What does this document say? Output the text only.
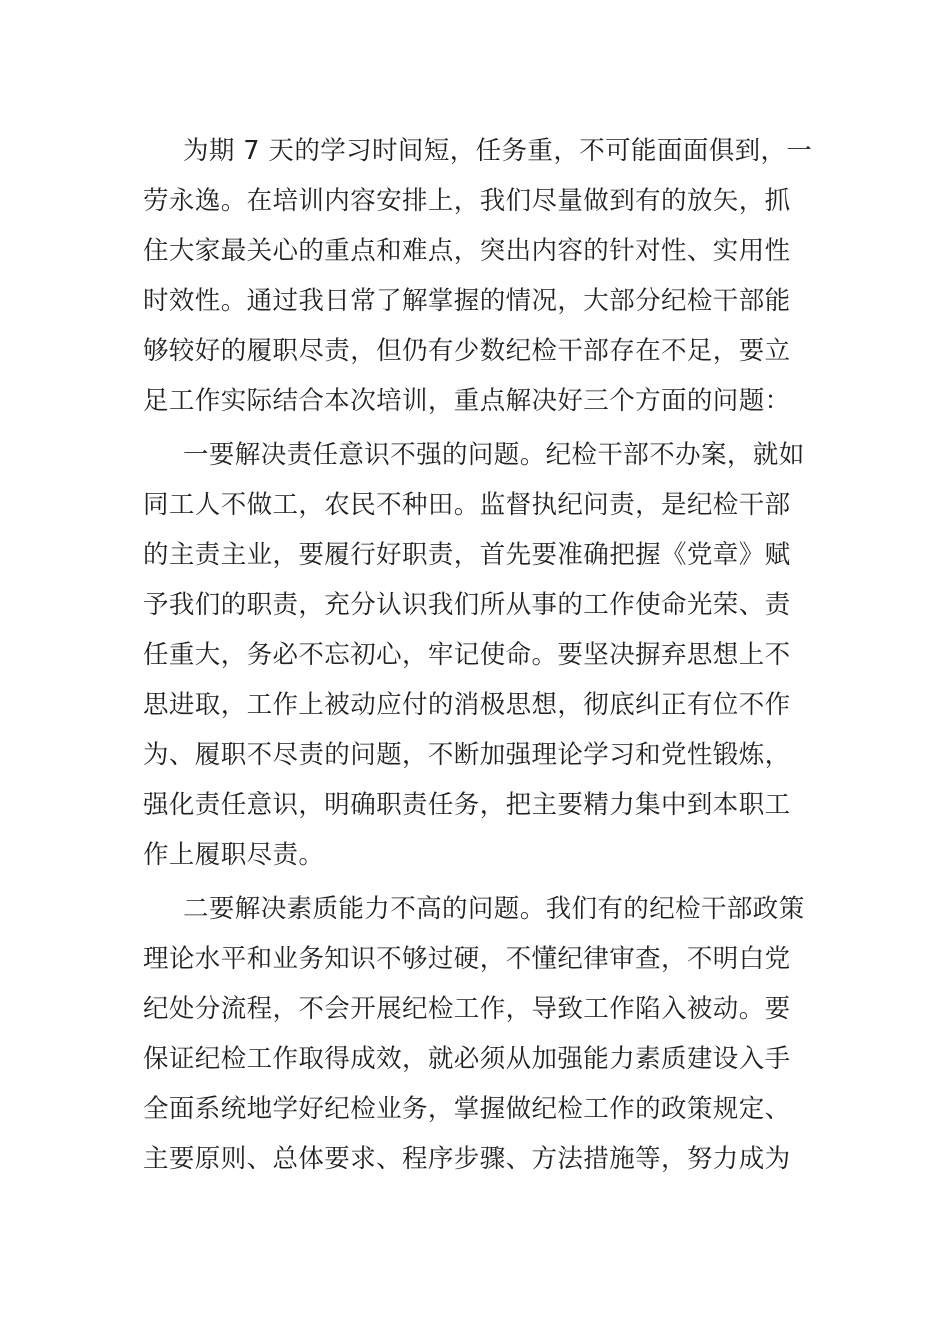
为期 7 天的学习时间短，任务重，不可能面面俱到，一
劳永逸。在培训内容安排上，我们尽量做到有的放矢，抓
住大家最关心的重点和难点，突出内容的针对性、实用性
时效性。通过我日常了解掌握的情况，大部分纪检干部能
够较好的履职尽责，但仍有少数纪检干部存在不足，要立
足工作实际结合本次培训，重点解决好三个方面的问题：
一要解决责任意识不强的问题。纪检干部不办案，就如
同工人不做工，农民不种田。监督执纪问责，是纪检干部
的主责主业，要履行好职责，首先要准确把握《党章》赋
予我们的职责，充分认识我们所从事的工作使命光荣、责
任重大，务必不忘初心，牢记使命。要坚决摒弃思想上不
思进取，工作上被动应付的消极思想，彻底纠正有位不作
为、履职不尽责的问题，不断加强理论学习和党性锻炼，
强化责任意识，明确职责任务，把主要精力集中到本职工
作上履职尽责。
二要解决素质能力不高的问题。我们有的纪检干部政策
理论水平和业务知识不够过硬，不懂纪律审查，不明白党
纪处分流程，不会开展纪检工作，导致工作陷入被动。要
保证纪检工作取得成效，就必须从加强能力素质建设入手
全面系统地学好纪检业务，掌握做纪检工作的政策规定、
主要原则、总体要求、程序步骤、方法措施等，努力成为
